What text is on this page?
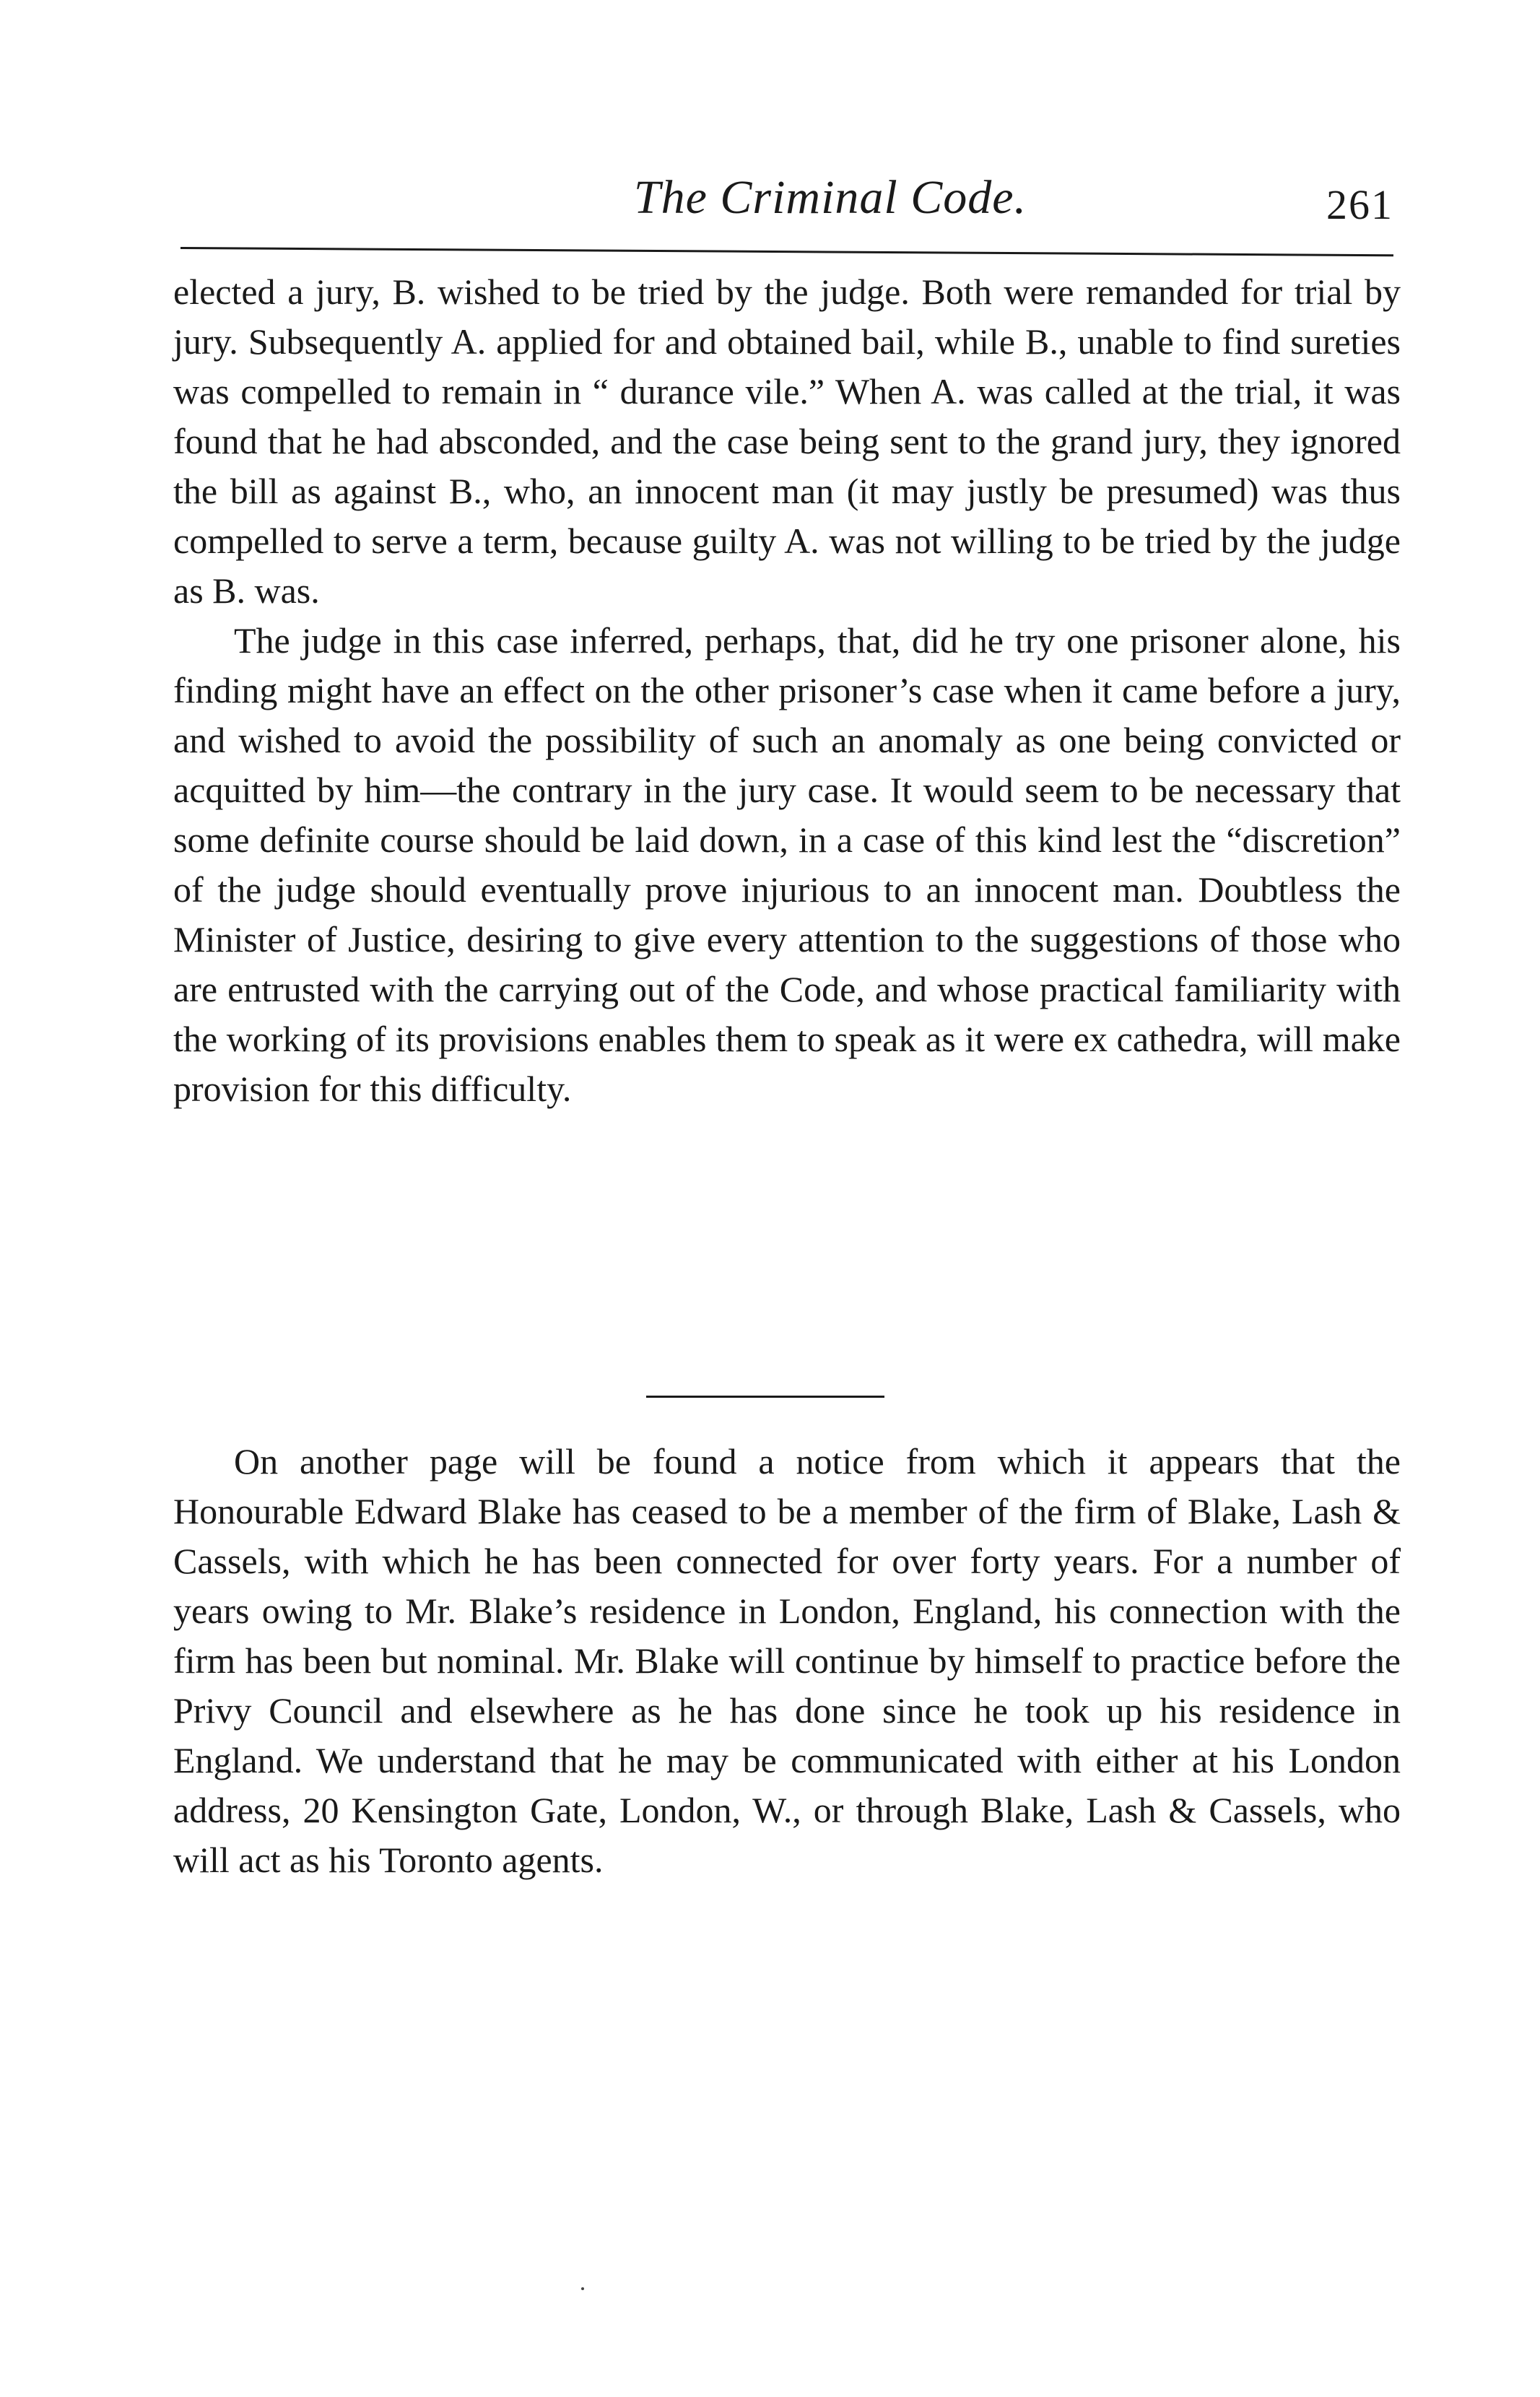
The Criminal Code.	261

elected a jury, B. wished to be tried by the judge. Both were remanded for trial by jury. Subsequently A. applied for and obtained bail, while B., unable to find sureties was compelled to remain in “ durance vile.” When A. was called at the trial, it was found that he had absconded, and the case being sent to the grand jury, they ignored the bill as against B., who, an innocent man (it may justly be presumed) was thus compelled to serve a term, because guilty A. was not willing to be tried by the judge as B. was.

The judge in this case inferred, perhaps, that, did he try one prisoner alone, his finding might have an effect on the other prisoner’s case when it came before a jury, and wished to avoid the possibility of such an anomaly as one being convicted or acquitted by him—the contrary in the jury case. It would seem to be necessary that some definite course should be laid down, in a case of this kind lest the “discretion” of the judge should eventually prove injurious to an innocent man. Doubtless the Minister of Justice, desiring to give every attention to the suggestions of those who are entrusted with the carrying out of the Code, and whose practical familiarity with the working of its provisions enables them to speak as it were ex cathedra, will make provision for this difficulty.

On another page will be found a notice from which it appears that the Honourable Edward Blake has ceased to be a member of the firm of Blake, Lash & Cassels, with which he has been connected for over forty years. For a number of years owing to Mr. Blake’s residence in London, England, his connection with the firm has been but nominal. Mr. Blake will continue by himself to practice before the Privy Council and elsewhere as he has done since he took up his residence in England. We understand that he may be communicated with either at his London address, 20 Kensington Gate, London, W., or through Blake, Lash & Cassels, who will act as his Toronto agents.
